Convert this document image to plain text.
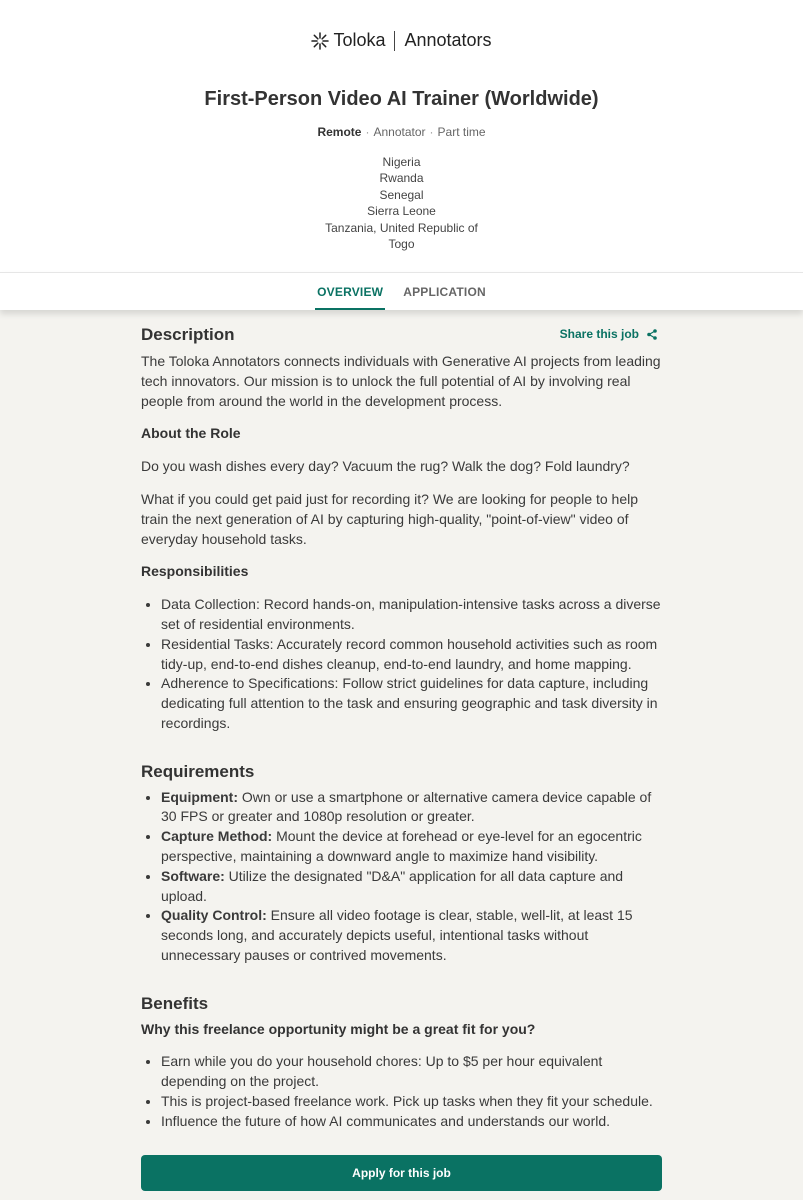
Toloka Annotators
First-Person Video AI Trainer (Worldwide)
Remote · Annotator · Part time
Nigeria
Rwanda
Senegal
Sierra Leone
Tanzania, United Republic of
Togo
OVERVIEW APPLICATION
Description	Share this job

The Toloka Annotators connects individuals with Generative AI projects from leading tech innovators. Our mission is to unlock the full potential of AI by involving real people from around the world in the development process.

About the Role

Do you wash dishes every day? Vacuum the rug? Walk the dog? Fold laundry?

What if you could get paid just for recording it? We are looking for people to help train the next generation of AI by capturing high-quality, "point-of-view" video of everyday household tasks.

Responsibilities

• Data Collection: Record hands-on, manipulation-intensive tasks across a diverse set of residential environments.
• Residential Tasks: Accurately record common household activities such as room tidy-up, end-to-end dishes cleanup, end-to-end laundry, and home mapping.
• Adherence to Specifications: Follow strict guidelines for data capture, including dedicating full attention to the task and ensuring geographic and task diversity in recordings.
Requirements
• Equipment: Own or use a smartphone or alternative camera device capable of 30 FPS or greater and 1080p resolution or greater.
• Capture Method: Mount the device at forehead or eye-level for an egocentric perspective, maintaining a downward angle to maximize hand visibility.
• Software: Utilize the designated "D&A" application for all data capture and upload.
• Quality Control: Ensure all video footage is clear, stable, well-lit, at least 15 seconds long, and accurately depicts useful, intentional tasks without unnecessary pauses or contrived movements.
Benefits

Why this freelance opportunity might be a great fit for you?

• Earn while you do your household chores: Up to $5 per hour equivalent depending on the project.
• This is project-based freelance work. Pick up tasks when they fit your schedule.
• Influence the future of how AI communicates and understands our world.
Apply for this job
